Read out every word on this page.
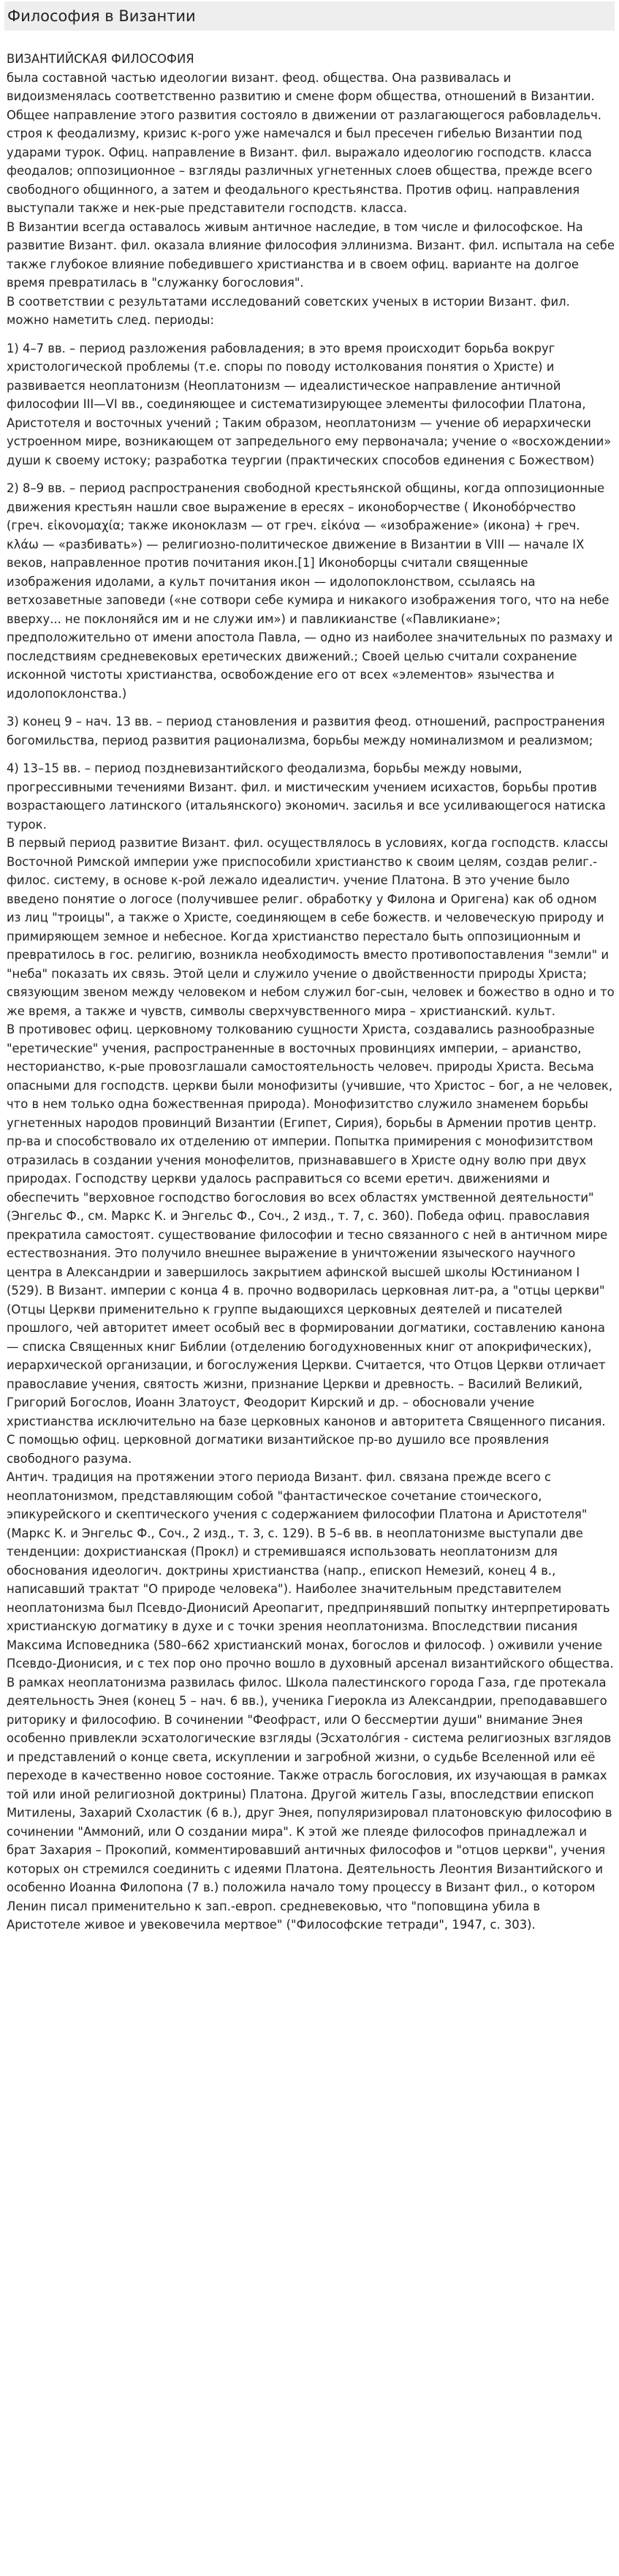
Философия в Византии

ВИЗАНТИЙСКАЯ ФИЛОСОФИЯ

была составной частью идеологии визант. феод. общества. Она развивалась и видоизменялась соответственно развитию и смене форм общества, отношений в Византии. Общее направление этого развития состояло в движении от разлагающегося рабовладельч. строя к феодализму, кризис к-рого уже намечался и был пресечен гибелью Византии под ударами турок. Офиц. направление в Визант. фил. выражало идеологию господств. класса феодалов; оппозиционное – взгляды различных угнетенных слоев общества, прежде всего свободного общинного, а затем и феодального крестьянства. Против офиц. направления выступали также и нек-рые представители господств. класса.
В Византии всегда оставалось живым античное наследие, в том числе и философское. На развитие Визант. фил. оказала влияние философия эллинизма. Визант. фил. испытала на себе также глубокое влияние победившего христианства и в своем офиц. варианте на долгое время превратилась в "служанку богословия".
В соответствии с результатами исследований советских ученых в истории Визант. фил. можно наметить след. периоды:

1) 4–7 вв. – период разложения рабовладения; в это время происходит борьба вокруг христологической проблемы (т.е. споры по поводу истолкования понятия о Христе) и развивается неоплатонизм (Неоплатонизм — идеалистическое направление античной философии III—VI вв., соединяющее и систематизирующее элементы философии Платона, Аристотеля и восточных учений ; Таким образом, неоплатонизм — учение об иерархически устроенном мире, возникающем от запредельного ему первоначала; учение о «восхождении» души к своему истоку; разработка теургии (практических способов единения с Божеством)

2) 8–9 вв. – период распространения свободной крестьянской общины, когда оппозиционные движения крестьян нашли свое выражение в ересях – иконоборчестве ( Иконобо́рчество (греч. εἰκονομαχία; также иконоклазм — от греч. εἰκόνα — «изображение» (икона) + греч. κλάω — «разбивать») — религиозно-политическое движение в Византии в VIII — начале IX веков, направленное против почитания икон.[1] Иконоборцы считали священные изображения идолами, а культ почитания икон — идолопоклонством, ссылаясь на ветхозаветные заповеди («не сотвори себе кумира и никакого изображения того, что на небе вверху... не поклоняйся им и не служи им») и павликианстве («Павликиане»; предположительно от имени апостола Павла, — одно из наиболее значительных по размаху и последствиям средневековых еретических движений.; Своей целью считали сохранение исконной чистоты христианства, освобождение его от всех «элементов» язычества и идолопоклонства.)

3) конец 9 – нач. 13 вв. – период становления и развития феод. отношений, распространения богомильства, период развития рационализма, борьбы между номинализмом и реализмом;

4) 13–15 вв. – период поздневизантийского феодализма, борьбы между новыми, прогрессивными течениями Визант. фил. и мистическим учением исихастов, борьбы против возрастающего латинского (итальянского) экономич. засилья и все усиливающегося натиска турок.
В первый период развитие Визант. фил. осуществлялось в условиях, когда господств. классы Восточной Римской империи уже приспособили христианство к своим целям, создав религ.-филос. систему, в основе к-рой лежало идеалистич. учение Платона. В это учение было введено понятие о логосе (получившее религ. обработку у Филона и Оригена) как об одном из лиц "троицы", а также о Христе, соединяющем в себе божеств. и человеческую природу и примиряющем земное и небесное. Когда христианство перестало быть оппозиционным и превратилось в гос. религию, возникла необходимость вместо противопоставления "земли" и "неба" показать их связь. Этой цели и служило учение о двойственности природы Христа; связующим звеном между человеком и небом служил бог-сын, человек и божество в одно и то же время, а также и чувств, символы сверхчувственного мира – христианский. культ.
В противовес офиц. церковному толкованию сущности Христа, создавались разнообразные "еретические" учения, распространенные в восточных провинциях империи, – арианство, несторианство, к-рые провозглашали самостоятельность человеч. природы Христа. Весьма опасными для господств. церкви были монофизиты (учившие, что Христос – бог, а не человек, что в нем только одна божественная природа). Монофизитство служило знаменем борьбы угнетенных народов провинций Византии (Египет, Сирия), борьбы в Армении против центр. пр-ва и способствовало их отделению от империи. Попытка примирения с монофизитством отразилась в создании учения монофелитов, признававшего в Христе одну волю при двух природах. Господству церкви удалось расправиться со всеми еретич. движениями и обеспечить "верховное господство богословия во всех областях умственной деятельности" (Энгельс Ф., см. Маркс К. и Энгельс Ф., Соч., 2 изд., т. 7, с. 360). Победа офиц. православия прекратила самостоят. существование философии и тесно связанного с ней в античном мире естествознания. Это получило внешнее выражение в уничтожении языческого научного центра в Александрии и завершилось закрытием афинской высшей школы Юстинианом I (529). В Визант. империи с конца 4 в. прочно водворилась церковная лит-ра, а "отцы церкви" (Отцы Церкви применительно к группе выдающихся церковных деятелей и писателей прошлого, чей авторитет имеет особый вес в формировании догматики, составлению канона — списка Священных книг Библии (отделению богодухновенных книг от апокрифических), иерархической организации, и богослужения Церкви. Считается, что Отцов Церкви отличает правоcлавие учения, святость жизни, признание Церкви и древность. – Василий Великий, Григорий Богослов, Иоанн Златоуст, Феодорит Кирский и др. – обосновали учение христианства исключительно на базе церковных канонов и авторитета Священного писания. С помощью офиц. церковной догматики византийское пр-во душило все проявления свободного разума.
Антич. традиция на протяжении этого периода Визант. фил. связана прежде всего с неоплатонизмом, представляющим собой "фантастическое сочетание стоического, эпикурейского и скептического учения с содержанием философии Платона и Аристотеля" (Маркс К. и Энгельс Ф., Соч., 2 изд., т. 3, с. 129). В 5–6 вв. в неоплатонизме выступали две тенденции: дохристианская (Прокл) и стремившаяся использовать неоплатонизм для обоснования идеологич. доктрины христианства (напр., епископ Немезий, конец 4 в., написавший трактат "О природе человека"). Наиболее значительным представителем неоплатонизма был Псевдо-Дионисий Ареопагит, предпринявший попытку интерпретировать христианскую догматику в духе и с точки зрения неоплатонизма. Впоследствии писания Максима Исповедника (580–662 христианский монах, богослов и философ. ) оживили учение Псевдо-Дионисия, и с тех пор оно прочно вошло в духовный арсенал византийского общества. В рамках неоплатонизма развилась филос. Школа палестинского города Газа, где протекала деятельность Энея (конец 5 – нач. 6 вв.), ученика Гиерокла из Александрии, преподававшего риторику и философию. В сочинении "Феофраст, или О бессмертии души" внимание Энея особенно привлекли эсхатологические взгляды (Эсхатоло́гия - система религиозных взглядов и представлений о конце света, искуплении и загробной жизни, о судьбе Вселенной или её переходе в качественно новое состояние. Также отрасль богословия, их изучающая в рамках той или иной религиозной доктрины) Платона. Другой житель Газы, впоследствии епископ Митилены, Захарий Схоластик (6 в.), друг Энея, популяризировал платоновскую философию в сочинении "Аммоний, или О создании мира". К этой же плеяде философов принадлежал и брат Захария – Прокопий, комментировавший античных философов и "отцов церкви", учения которых он стремился соединить с идеями Платона. Деятельность Леонтия Византийского и особенно Иоанна Филопона (7 в.) положила начало тому процессу в Визант фил., о котором Ленин писал применительно к зап.-европ. средневековью, что "поповщина убила в Аристотеле живое и увековечила мертвое" ("Философские тетради", 1947, с. 303).
